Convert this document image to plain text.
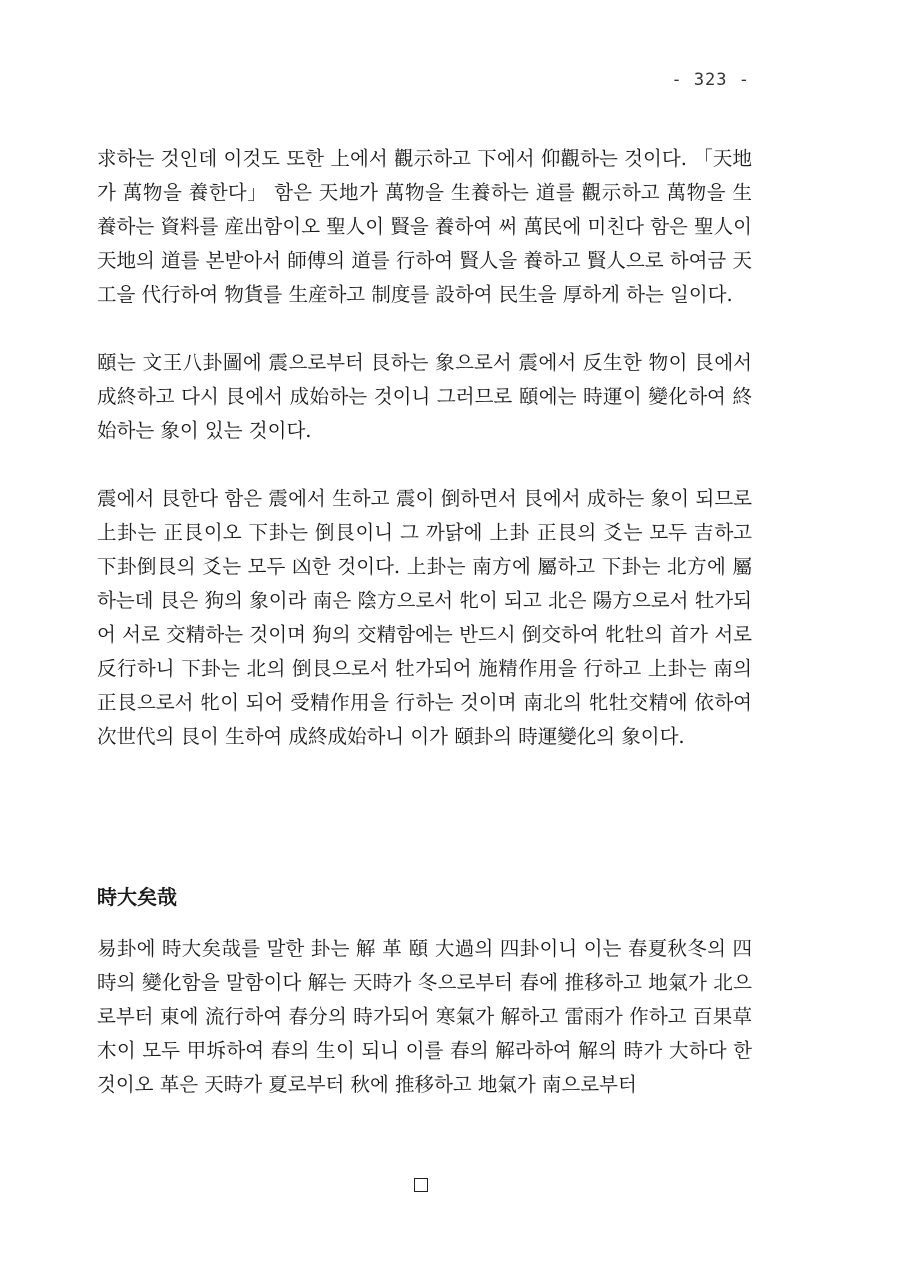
- 323 -

求하는 것인데 이것도 또한 上에서 觀示하고 下에서 仰觀하는 것이다. 「天地가 萬物을 養한다」 함은 天地가 萬物을 生養하는 道를 觀示하고 萬物을 生養하는 資料를 産出함이오 聖人이 賢을 養하여 써 萬民에 미친다 함은 聖人이 天地의 道를 본받아서 師傅의 道를 行하여 賢人을 養하고 賢人으로 하여금 天工을 代行하여 物貨를 生産하고 制度를 設하여 民生을 厚하게 하는 일이다.

頤는 文王八卦圖에 震으로부터 艮하는 象으로서 震에서 反生한 物이 艮에서 成終하고 다시 艮에서 成始하는 것이니 그러므로 頤에는 時運이 變化하여 終始하는 象이 있는 것이다.

震에서 艮한다 함은 震에서 生하고 震이 倒하면서 艮에서 成하는 象이 되므로 上卦는 正艮이오 下卦는 倒艮이니 그 까닭에 上卦 正艮의 爻는 모두 吉하고 下卦倒艮의 爻는 모두 凶한 것이다. 上卦는 南方에 屬하고 下卦는 北方에 屬하는데 艮은 狗의 象이라 南은 陰方으로서 牝이 되고 北은 陽方으로서 牡가되어 서로 交精하는 것이며 狗의 交精함에는 반드시 倒交하여 牝牡의 首가 서로 反行하니 下卦는 北의 倒艮으로서 牡가되어 施精作用을 行하고 上卦는 南의 正艮으로서 牝이 되어 受精作用을 行하는 것이며 南北의 牝牡交精에 依하여 次世代의 艮이 生하여 成終成始하니 이가 頤卦의 時運變化의 象이다.

時大矣哉

易卦에 時大矣哉를 말한 卦는 解 革 頤 大過의 四卦이니 이는 春夏秋冬의 四時의 變化함을 말함이다 解는 天時가 冬으로부터 春에 推移하고 地氣가 北으로부터 東에 流行하여 春分의 時가되어 寒氣가 解하고 雷雨가 作하고 百果草木이 모두 甲坼하여 春의 生이 되니 이를 春의 解라하여 解의 時가 大하다 한 것이오 革은 天時가 夏로부터 秋에 推移하고 地氣가 南으로부터
